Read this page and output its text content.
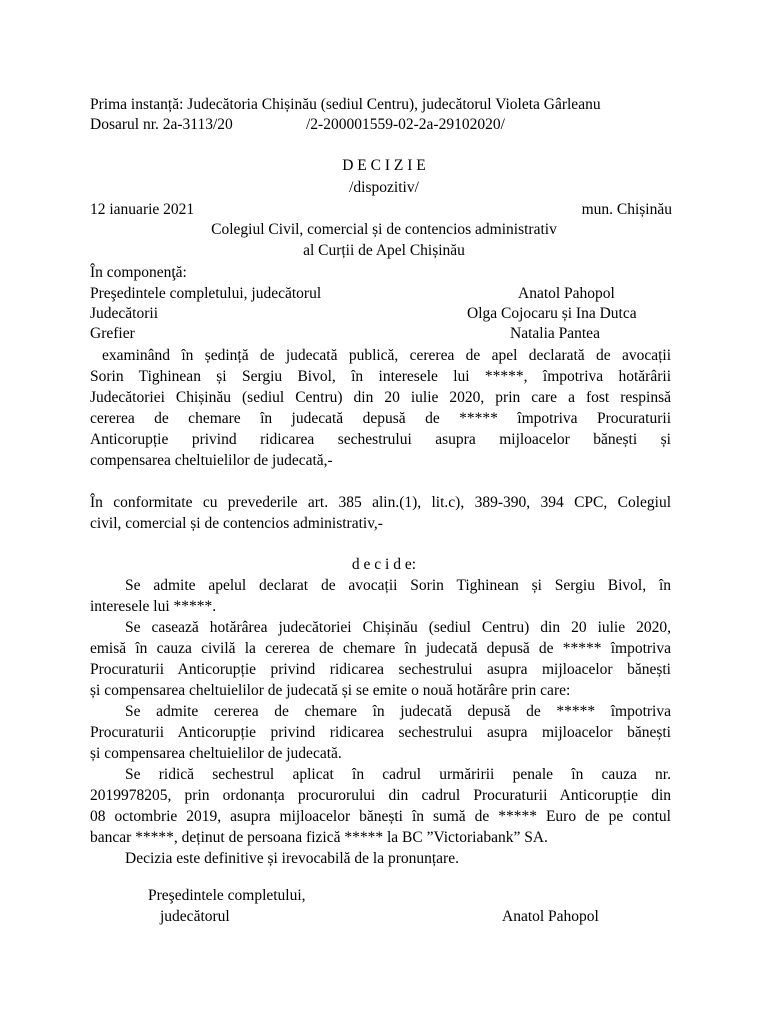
Prima instanță: Judecătoria Chișinău (sediul Centru), judecătorul Violeta Gârleanu
Dosarul nr. 2a-3113/20	/2-200001559-02-2a-29102020/
D E C I Z I E
/dispozitiv/
12 ianuarie 2021	mun. Chișinău
Colegiul Civil, comercial și de contencios administrativ
al Curții de Apel Chișinău
În componenţă:
Preşedintele completului, judecătorul	Anatol Pahopol
Judecătorii	Olga Cojocaru și Ina Dutca
Grefier	Natalia Pantea
examinând în ședință de judecată publică, cererea de apel declarată de avocații
Sorin Tighinean și Sergiu Bivol, în interesele lui *****, împotriva hotărârii
Judecătoriei Chișinău (sediul Centru) din 20 iulie 2020, prin care a fost respinsă
cererea de chemare în judecată depusă de ***** împotriva Procuraturii
Anticorupție privind ridicarea sechestrului asupra mijloacelor bănești și
compensarea cheltuielilor de judecată,-
În conformitate cu prevederile art. 385 alin.(1), lit.c), 389-390, 394 CPC, Colegiul
civil, comercial și de contencios administrativ,-
d e c i d e:
Se admite apelul declarat de avocații Sorin Tighinean și Sergiu Bivol, în
interesele lui *****.
Se casează hotărârea judecătoriei Chișinău (sediul Centru) din 20 iulie 2020,
emisă în cauza civilă la cererea de chemare în judecată depusă de ***** împotriva
Procuraturii Anticorupție privind ridicarea sechestrului asupra mijloacelor bănești
și compensarea cheltuielilor de judecată și se emite o nouă hotărâre prin care:
Se admite cererea de chemare în judecată depusă de ***** împotriva
Procuraturii Anticorupție privind ridicarea sechestrului asupra mijloacelor bănești
și compensarea cheltuielilor de judecată.
Se ridică sechestrul aplicat în cadrul urmăririi penale în cauza nr.
2019978205, prin ordonanța procurorului din cadrul Procuraturii Anticorupție din
08 octombrie 2019, asupra mijloacelor bănești în sumă de ***** Euro de pe contul
bancar *****, deținut de persoana fizică ***** la BC ”Victoriabank” SA.
Decizia este definitive și irevocabilă de la pronunțare.
Preşedintele completului,
judecătorul	Anatol Pahopol
